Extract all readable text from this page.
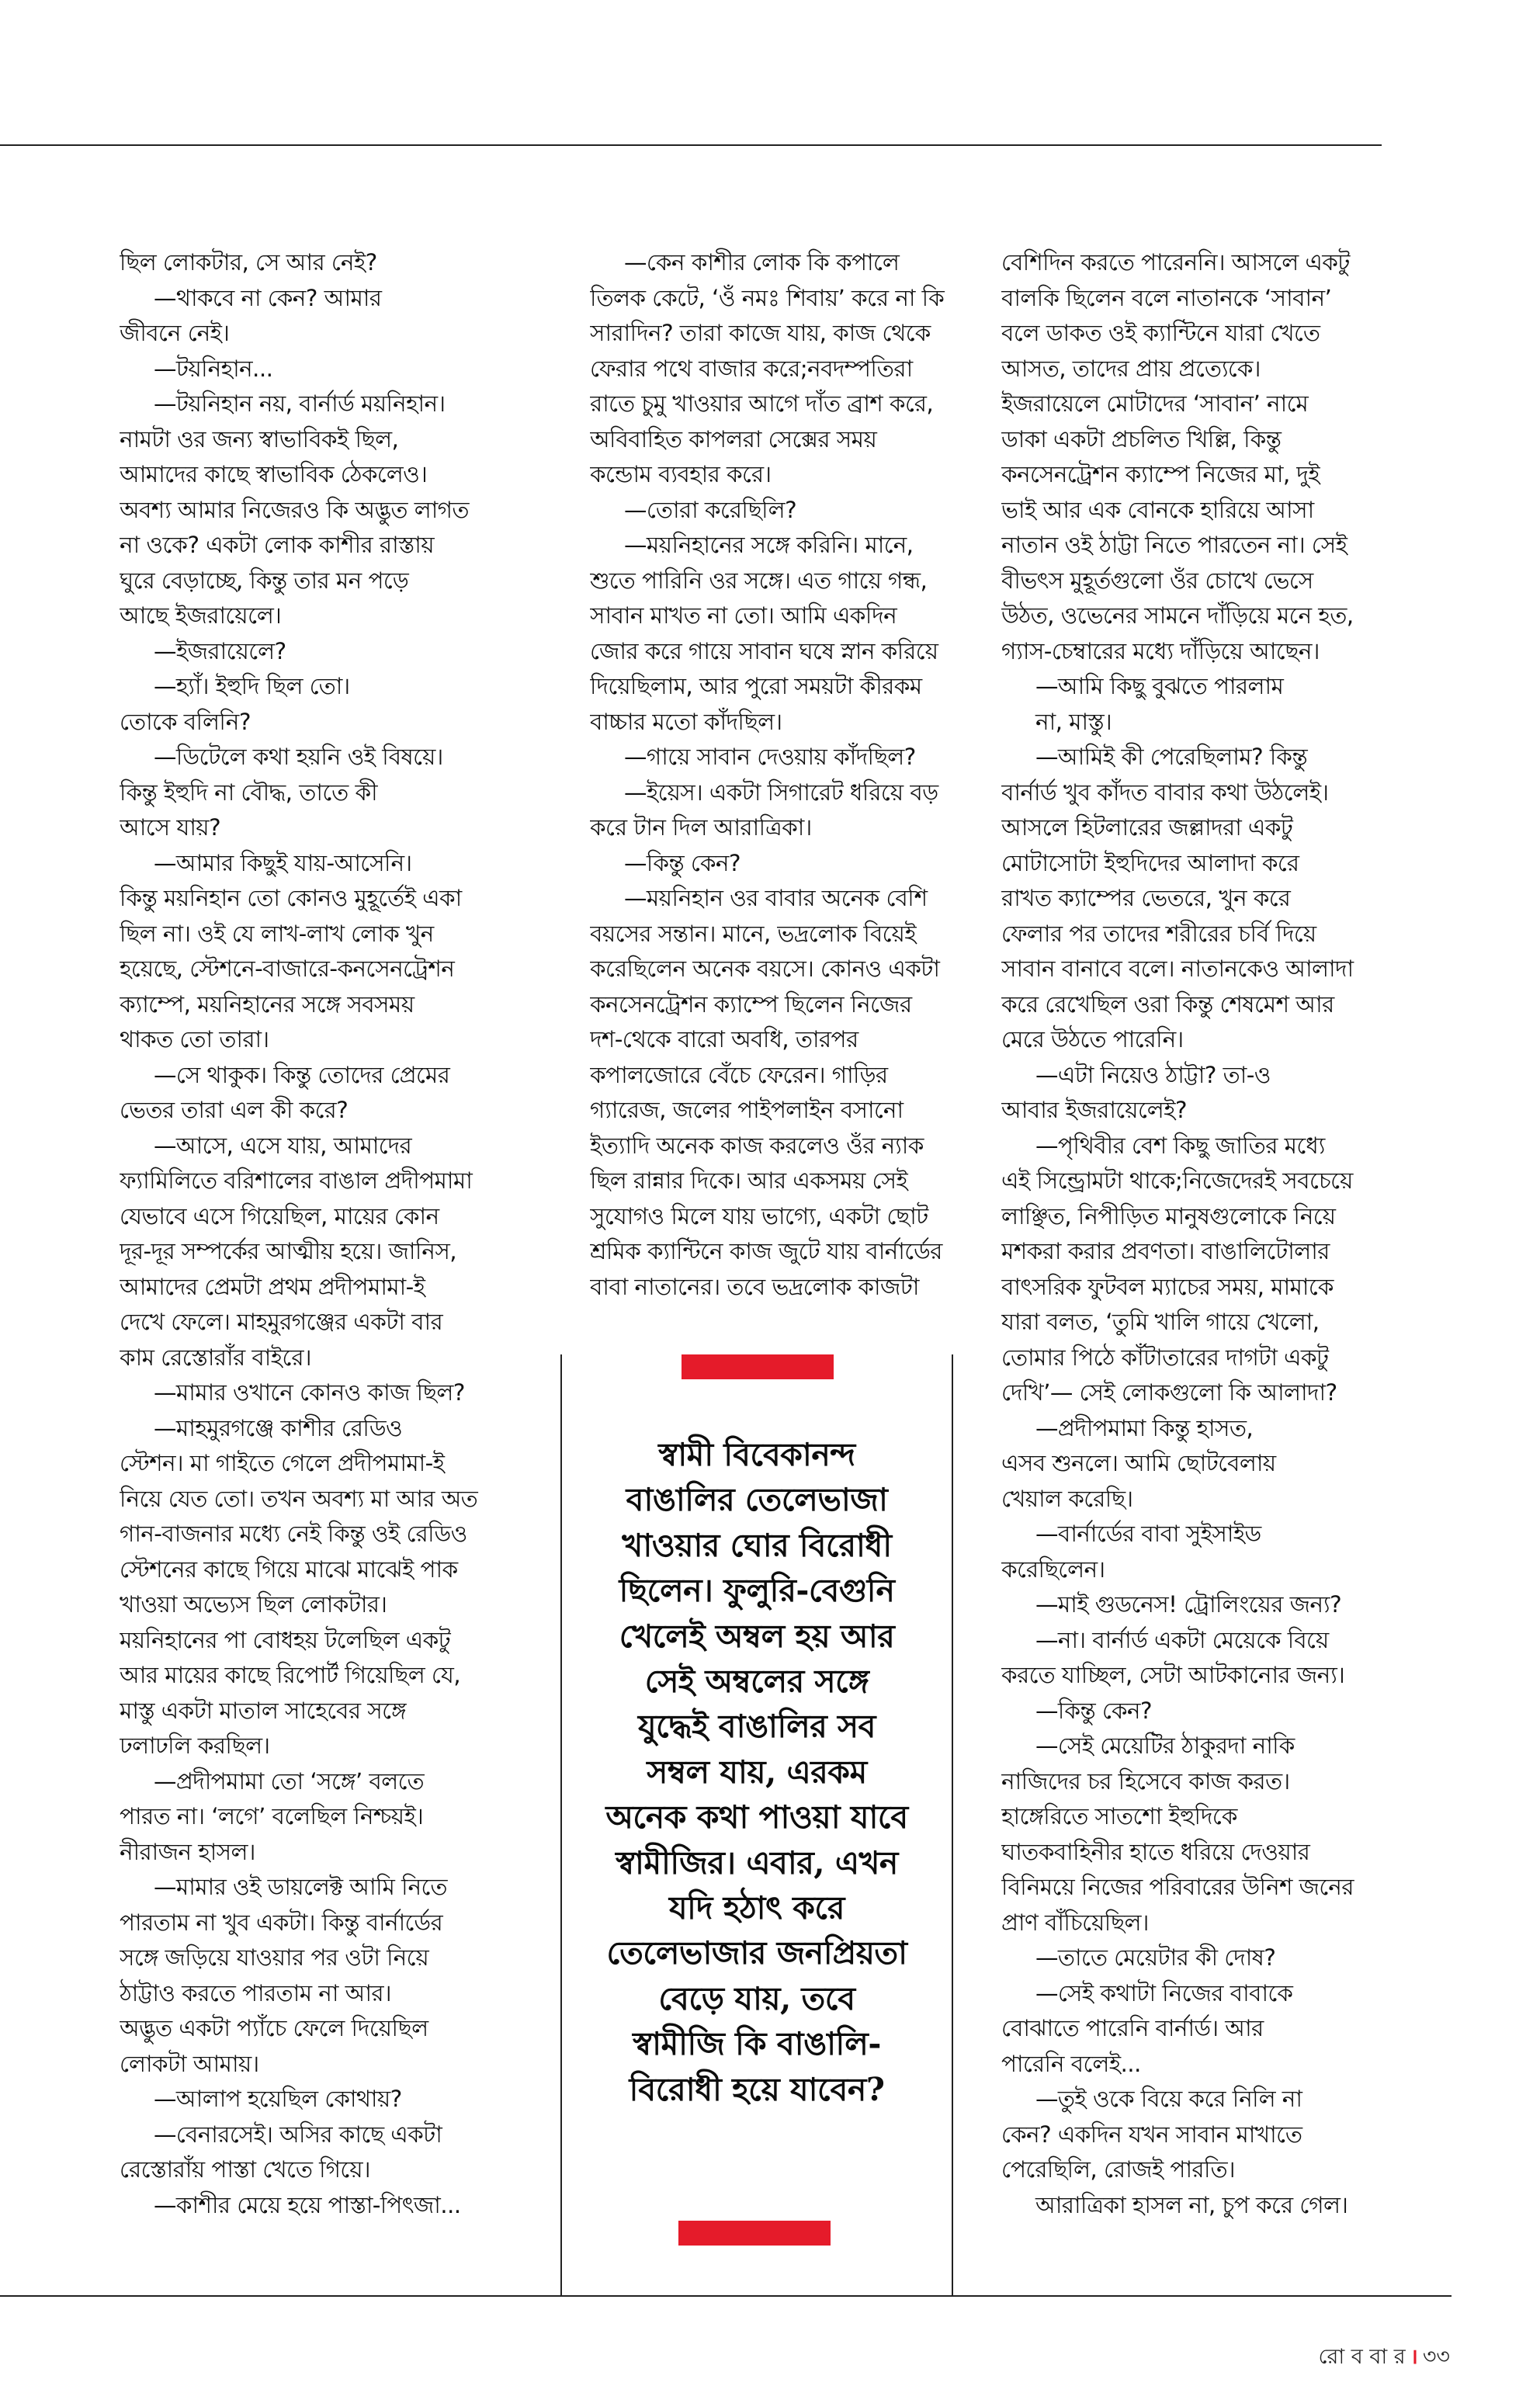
ছিল লোকটার, সে আর নেই?
—থাকবে না কেন? আমার
জীবনে নেই।
—টয়নিহান...
—টয়নিহান নয়, বার্নার্ড ময়নিহান।
নামটা ওর জন্য স্বাভাবিকই ছিল,
আমাদের কাছে স্বাভাবিক ঠেকলেও।
অবশ্য আমার নিজেরও কি অদ্ভুত লাগত
না ওকে? একটা লোক কাশীর রাস্তায়
ঘুরে বেড়াচ্ছে, কিন্তু তার মন পড়ে
আছে ইজরায়েলে।
—ইজরায়েলে?
—হ্যাঁ। ইহুদি ছিল তো।
তোকে বলিনি?
—ডিটেলে কথা হয়নি ওই বিষয়ে।
কিন্তু ইহুদি না বৌদ্ধ, তাতে কী
আসে যায়?
—আমার কিছুই যায়-আসেনি।
কিন্তু ময়নিহান তো কোনও মুহূর্তেই একা
ছিল না। ওই যে লাখ-লাখ লোক খুন
হয়েছে, স্টেশনে-বাজারে-কনসেনট্রেশন
ক্যাম্পে, ময়নিহানের সঙ্গে সবসময়
থাকত তো তারা।
—সে থাকুক। কিন্তু তোদের প্রেমের
ভেতর তারা এল কী করে?
—আসে, এসে যায়, আমাদের
ফ্যামিলিতে বরিশালের বাঙাল প্রদীপমামা
যেভাবে এসে গিয়েছিল, মায়ের কোন
দূর-দূর সম্পর্কের আত্মীয় হয়ে। জানিস,
আমাদের প্রেমটা প্রথম প্রদীপমামা-ই
দেখে ফেলে। মাহমুরগঞ্জের একটা বার
কাম রেস্তোরাঁর বাইরে।
—মামার ওখানে কোনও কাজ ছিল?
—মাহমুরগঞ্জে কাশীর রেডিও
স্টেশন। মা গাইতে গেলে প্রদীপমামা-ই
নিয়ে যেত তো। তখন অবশ্য মা আর অত
গান-বাজনার মধ্যে নেই কিন্তু ওই রেডিও
স্টেশনের কাছে গিয়ে মাঝে মাঝেই পাক
খাওয়া অভ্যেস ছিল লোকটার।
ময়নিহানের পা বোধহয় টলেছিল একটু
আর মায়ের কাছে রিপোর্ট গিয়েছিল যে,
মাস্তু একটা মাতাল সাহেবের সঙ্গে
ঢলাঢলি করছিল।
—প্রদীপমামা তো ‘সঙ্গে’ বলতে
পারত না। ‘লগে’ বলেছিল নিশ্চয়ই।
নীরাজন হাসল।
—মামার ওই ডায়লেক্ট আমি নিতে
পারতাম না খুব একটা। কিন্তু বার্নার্ডের
সঙ্গে জড়িয়ে যাওয়ার পর ওটা নিয়ে
ঠাট্টাও করতে পারতাম না আর।
অদ্ভুত একটা প্যাঁচে ফেলে দিয়েছিল
লোকটা আমায়।
—আলাপ হয়েছিল কোথায়?
—বেনারসেই। অসির কাছে একটা
রেস্তোরাঁয় পাস্তা খেতে গিয়ে।
—কাশীর মেয়ে হয়ে পাস্তা-পিৎজা...
—কেন কাশীর লোক কি কপালে
তিলক কেটে, ‘ওঁ নমঃ শিবায়’ করে না কি
সারাদিন? তারা কাজে যায়, কাজ থেকে
ফেরার পথে বাজার করে;নবদম্পতিরা
রাতে চুমু খাওয়ার আগে দাঁত ব্রাশ করে,
অবিবাহিত কাপলরা সেক্সের সময়
কন্ডোম ব্যবহার করে।
—তোরা করেছিলি?
—ময়নিহানের সঙ্গে করিনি। মানে,
শুতে পারিনি ওর সঙ্গে। এত গায়ে গন্ধ,
সাবান মাখত না তো। আমি একদিন
জোর করে গায়ে সাবান ঘষে স্নান করিয়ে
দিয়েছিলাম, আর পুরো সময়টা কীরকম
বাচ্চার মতো কাঁদছিল।
—গায়ে সাবান দেওয়ায় কাঁদছিল?
—ইয়েস। একটা সিগারেট ধরিয়ে বড়
করে টান দিল আরাত্রিকা।
—কিন্তু কেন?
—ময়নিহান ওর বাবার অনেক বেশি
বয়সের সন্তান। মানে, ভদ্রলোক বিয়েই
করেছিলেন অনেক বয়সে। কোনও একটা
কনসেনট্রেশন ক্যাম্পে ছিলেন নিজের
দশ-থেকে বারো অবধি, তারপর
কপালজোরে বেঁচে ফেরেন। গাড়ির
গ্যারেজ, জলের পাইপলাইন বসানো
ইত্যাদি অনেক কাজ করলেও ওঁর ন্যাক
ছিল রান্নার দিকে। আর একসময় সেই
সুযোগও মিলে যায় ভাগ্যে, একটা ছোট
শ্রমিক ক্যান্টিনে কাজ জুটে যায় বার্নার্ডের
বাবা নাতানের। তবে ভদ্রলোক কাজটা
বেশিদিন করতে পারেননি। আসলে একটু
বালকি ছিলেন বলে নাতানকে ‘সাবান’
বলে ডাকত ওই ক্যান্টিনে যারা খেতে
আসত, তাদের প্রায় প্রত্যেকে।
ইজরায়েলে মোটাদের ‘সাবান’ নামে
ডাকা একটা প্রচলিত খিল্লি, কিন্তু
কনসেনট্রেশন ক্যাম্পে নিজের মা, দুই
ভাই আর এক বোনকে হারিয়ে আসা
নাতান ওই ঠাট্টা নিতে পারতেন না। সেই
বীভৎস মুহূর্তগুলো ওঁর চোখে ভেসে
উঠত, ওভেনের সামনে দাঁড়িয়ে মনে হত,
গ্যাস-চেম্বারের মধ্যে দাঁড়িয়ে আছেন।
—আমি কিছু বুঝতে পারলাম
না, মাস্তু।
—আমিই কী পেরেছিলাম? কিন্তু
বার্নার্ড খুব কাঁদত বাবার কথা উঠলেই।
আসলে হিটলারের জল্লাদরা একটু
মোটাসোটা ইহুদিদের আলাদা করে
রাখত ক্যাম্পের ভেতরে, খুন করে
ফেলার পর তাদের শরীরের চর্বি দিয়ে
সাবান বানাবে বলে। নাতানকেও আলাদা
করে রেখেছিল ওরা কিন্তু শেষমেশ আর
মেরে উঠতে পারেনি।
—এটা নিয়েও ঠাট্টা? তা-ও
আবার ইজরায়েলেই?
—পৃথিবীর বেশ কিছু জাতির মধ্যে
এই সিন্ড্রোমটা থাকে;নিজেদেরই সবচেয়ে
লাঞ্ছিত, নিপীড়িত মানুষগুলোকে নিয়ে
মশকরা করার প্রবণতা। বাঙালিটোলার
বাৎসরিক ফুটবল ম্যাচের সময়, মামাকে
যারা বলত, ‘তুমি খালি গায়ে খেলো,
তোমার পিঠে কাঁটাতারের দাগটা একটু
দেখি’— সেই লোকগুলো কি আলাদা?
—প্রদীপমামা কিন্তু হাসত,
এসব শুনলে। আমি ছোটবেলায়
খেয়াল করেছি।
—বার্নার্ডের বাবা সুইসাইড
করেছিলেন।
—মাই গুডনেস! ট্রোলিংয়ের জন্য?
—না। বার্নার্ড একটা মেয়েকে বিয়ে
করতে যাচ্ছিল, সেটা আটকানোর জন্য।
—কিন্তু কেন?
—সেই মেয়েটির ঠাকুরদা নাকি
নাজিদের চর হিসেবে কাজ করত।
হাঙ্গেরিতে সাতশো ইহুদিকে
ঘাতকবাহিনীর হাতে ধরিয়ে দেওয়ার
বিনিময়ে নিজের পরিবারের উনিশ জনের
প্রাণ বাঁচিয়েছিল।
—তাতে মেয়েটার কী দোষ?
—সেই কথাটা নিজের বাবাকে
বোঝাতে পারেনি বার্নার্ড। আর
পারেনি বলেই...
—তুই ওকে বিয়ে করে নিলি না
কেন? একদিন যখন সাবান মাখাতে
পেরেছিলি, রোজই পারতি।
আরাত্রিকা হাসল না, চুপ করে গেল।
স্বামী বিবেকানন্দ
বাঙালির তেলেভাজা
খাওয়ার ঘোর বিরোধী
ছিলেন। ফুলুরি-বেগুনি
খেলেই অম্বল হয় আর
সেই অম্বলের সঙ্গে
যুদ্ধেই বাঙালির সব
সম্বল যায়, এরকম
অনেক কথা পাওয়া যাবে
স্বামীজির। এবার, এখন
যদি হঠাৎ করে
তেলেভাজার জনপ্রিয়তা
বেড়ে যায়, তবে
স্বামীজি কি বাঙালি-
বিরোধী হয়ে যাবেন?
রো ব বা র । ৩৩
